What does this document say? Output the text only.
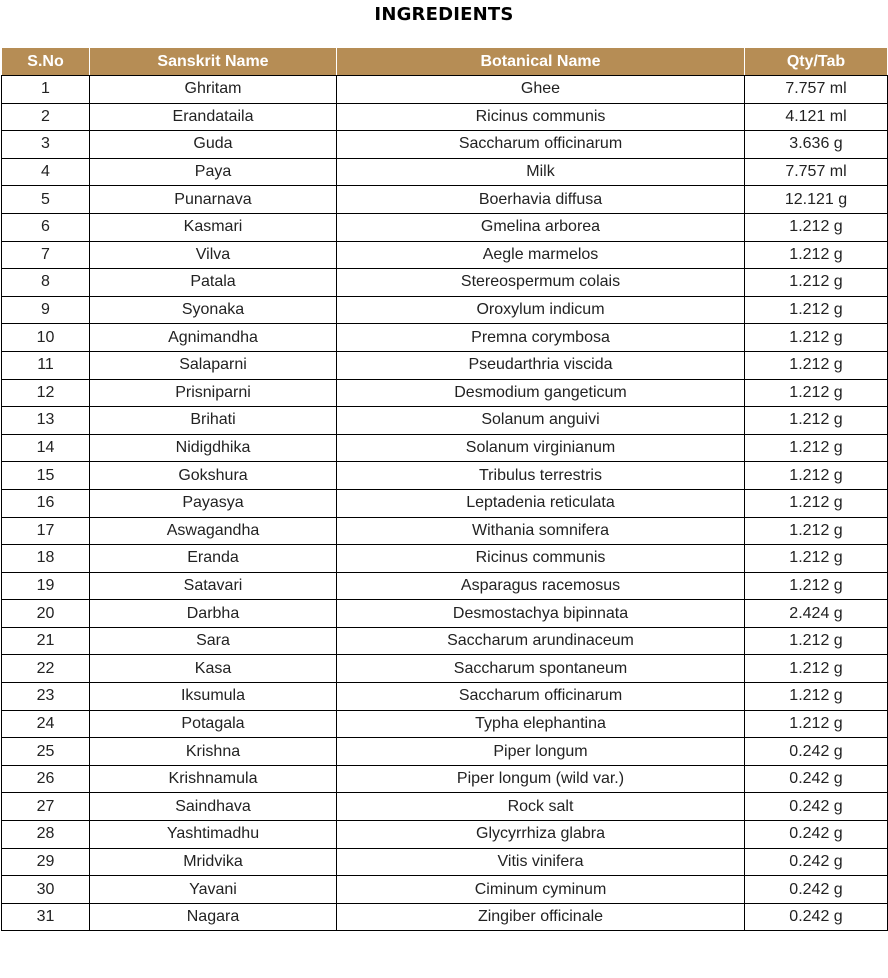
INGREDIENTS
S.No	Sanskrit Name	Botanical Name	Qty/Tab
1	Ghritam	Ghee	7.757 ml
2	Erandataila	Ricinus communis	4.121 ml
3	Guda	Saccharum officinarum	3.636 g
4	Paya	Milk	7.757 ml
5	Punarnava	Boerhavia diffusa	12.121 g
6	Kasmari	Gmelina arborea	1.212 g
7	Vilva	Aegle marmelos	1.212 g
8	Patala	Stereospermum colais	1.212 g
9	Syonaka	Oroxylum indicum	1.212 g
10	Agnimandha	Premna corymbosa	1.212 g
11	Salaparni	Pseudarthria viscida	1.212 g
12	Prisniparni	Desmodium gangeticum	1.212 g
13	Brihati	Solanum anguivi	1.212 g
14	Nidigdhika	Solanum virginianum	1.212 g
15	Gokshura	Tribulus terrestris	1.212 g
16	Payasya	Leptadenia reticulata	1.212 g
17	Aswagandha	Withania somnifera	1.212 g
18	Eranda	Ricinus communis	1.212 g
19	Satavari	Asparagus racemosus	1.212 g
20	Darbha	Desmostachya bipinnata	2.424 g
21	Sara	Saccharum arundinaceum	1.212 g
22	Kasa	Saccharum spontaneum	1.212 g
23	Iksumula	Saccharum officinarum	1.212 g
24	Potagala	Typha elephantina	1.212 g
25	Krishna	Piper longum	0.242 g
26	Krishnamula	Piper longum (wild var.)	0.242 g
27	Saindhava	Rock salt	0.242 g
28	Yashtimadhu	Glycyrrhiza glabra	0.242 g
29	Mridvika	Vitis vinifera	0.242 g
30	Yavani	Ciminum cyminum	0.242 g
31	Nagara	Zingiber officinale	0.242 g
